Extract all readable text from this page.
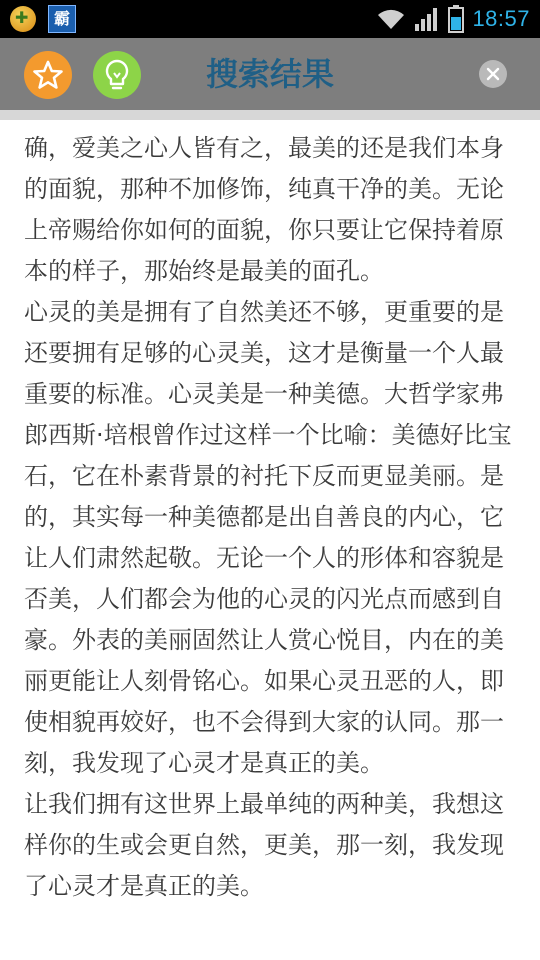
✚
霸	18:57
搜索结果

确，爱美之心人皆有之，最美的还是我们本身的面貌，那种不加修饰，纯真干净的美。无论上帝赐给你如何的面貌，你只要让它保持着原本的样子，那始终是最美的面孔。

心灵的美是拥有了自然美还不够，更重要的是还要拥有足够的心灵美，这才是衡量一个人最重要的标准。心灵美是一种美德。大哲学家弗郎西斯·培根曾作过这样一个比喻：美德好比宝石，它在朴素背景的衬托下反而更显美丽。是的，其实每一种美德都是出自善良的内心，它让人们肃然起敬。无论一个人的形体和容貌是否美，人们都会为他的心灵的闪光点而感到自豪。外表的美丽固然让人赏心悦目，内在的美丽更能让人刻骨铭心。如果心灵丑恶的人，即使相貌再姣好，也不会得到大家的认同。那一刻，我发现了心灵才是真正的美。

让我们拥有这世界上最单纯的两种美，我想这样你的生或会更自然，更美，那一刻，我发现了心灵才是真正的美。
